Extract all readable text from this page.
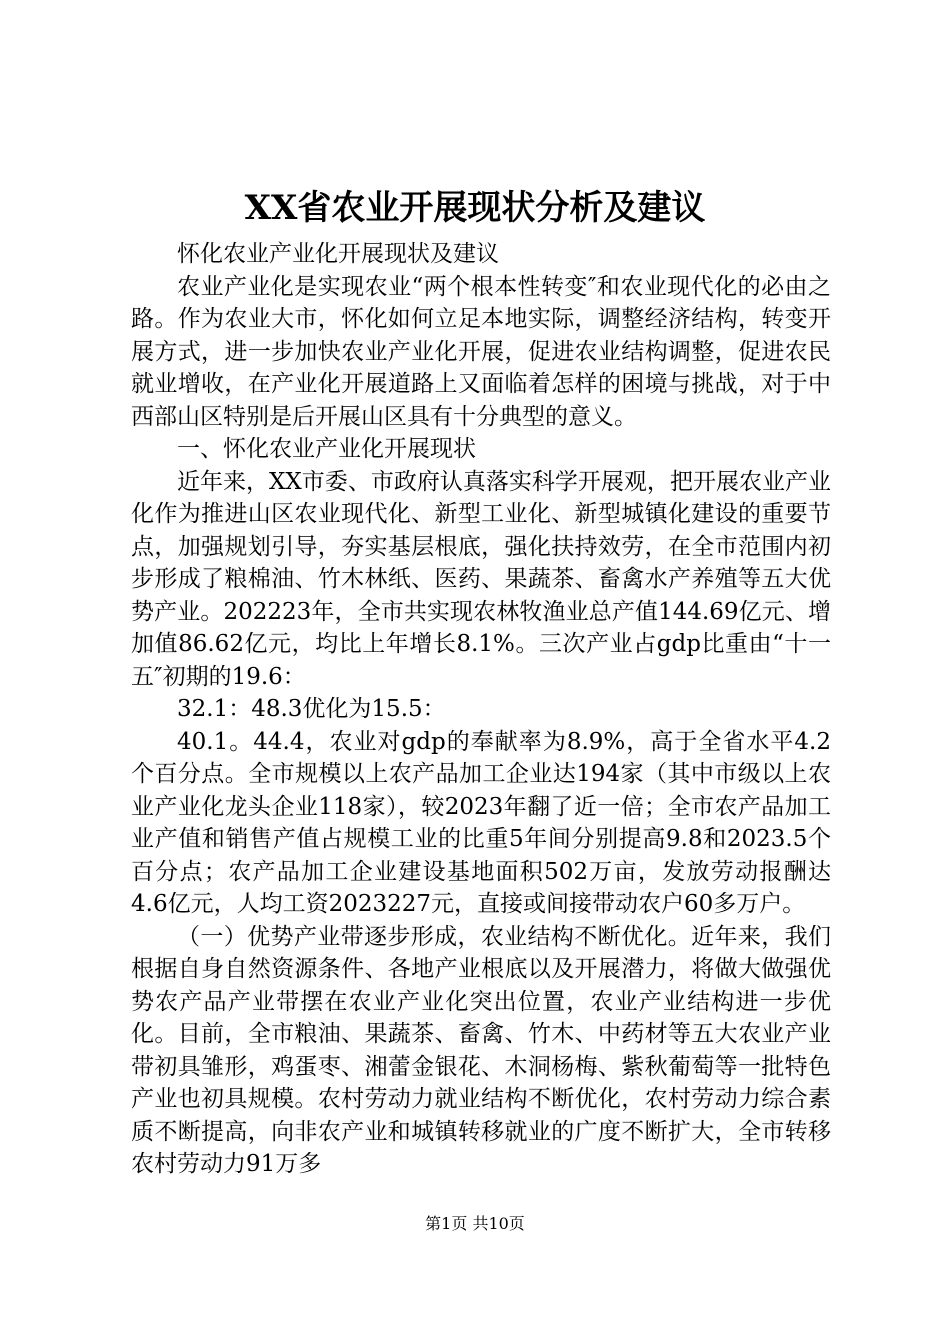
XX省农业开展现状分析及建议

怀化农业产业化开展现状及建议

农业产业化是实现农业“两个根本性转变″和农业现代化的必由之路。作为农业大市，怀化如何立足本地实际，调整经济结构，转变开展方式，进一步加快农业产业化开展，促进农业结构调整，促进农民就业增收，在产业化开展道路上又面临着怎样的困境与挑战，对于中西部山区特别是后开展山区具有十分典型的意义。

一、怀化农业产业化开展现状

近年来，XX市委、市政府认真落实科学开展观，把开展农业产业化作为推进山区农业现代化、新型工业化、新型城镇化建设的重要节点，加强规划引导，夯实基层根底，强化扶持效劳，在全市范围内初步形成了粮棉油、竹木林纸、医药、果蔬茶、畜禽水产养殖等五大优势产业。202223年，全市共实现农林牧渔业总产值144.69亿元、增加值86.62亿元，均比上年增长8.1%。三次产业占gdp比重由“十一五″初期的19.6：

32.1：48.3优化为15.5：

40.1。44.4，农业对gdp的奉献率为8.9%，高于全省水平4.2个百分点。全市规模以上农产品加工企业达194家（其中市级以上农业产业化龙头企业118家），较2023年翻了近一倍；全市农产品加工业产值和销售产值占规模工业的比重5年间分别提高9.8和2023.5个百分点；农产品加工企业建设基地面积502万亩，发放劳动报酬达4.6亿元，人均工资2023227元，直接或间接带动农户60多万户。

（一）优势产业带逐步形成，农业结构不断优化。近年来，我们根据自身自然资源条件、各地产业根底以及开展潜力，将做大做强优势农产品产业带摆在农业产业化突出位置，农业产业结构进一步优化。目前，全市粮油、果蔬茶、畜禽、竹木、中药材等五大农业产业带初具雏形，鸡蛋枣、湘蕾金银花、木洞杨梅、紫秋葡萄等一批特色产业也初具规模。农村劳动力就业结构不断优化，农村劳动力综合素质不断提高，向非农产业和城镇转移就业的广度不断扩大，全市转移农村劳动力91万多

第1页 共10页
